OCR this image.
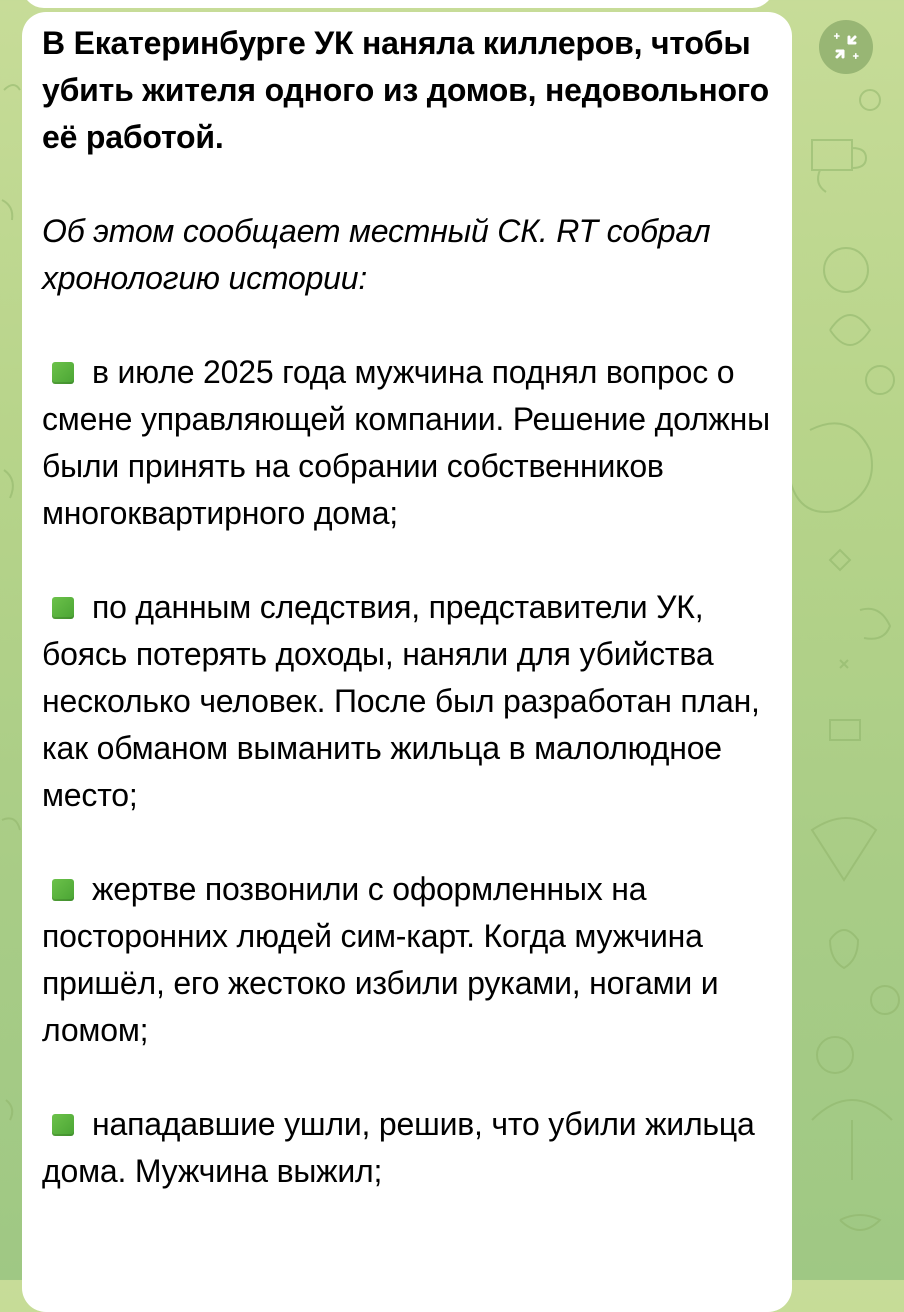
В Екатеринбурге УК наняла киллеров, чтобы убить жителя одного из домов, недовольного её работой.

Об этом сообщает местный СК. RT собрал хронологию истории:

в июле 2025 года мужчина поднял вопрос о смене управляющей компании. Решение должны были принять на собрании собственников многоквартирного дома;

по данным следствия, представители УК, боясь потерять доходы, наняли для убийства несколько человек. После был разработан план, как обманом выманить жильца в малолюдное место;

жертве позвонили с оформленных на посторонних людей сим-карт. Когда мужчина пришёл, его жестоко избили руками, ногами и ломом;

нападавшие ушли, решив, что убили жильца дома. Мужчина выжил;
